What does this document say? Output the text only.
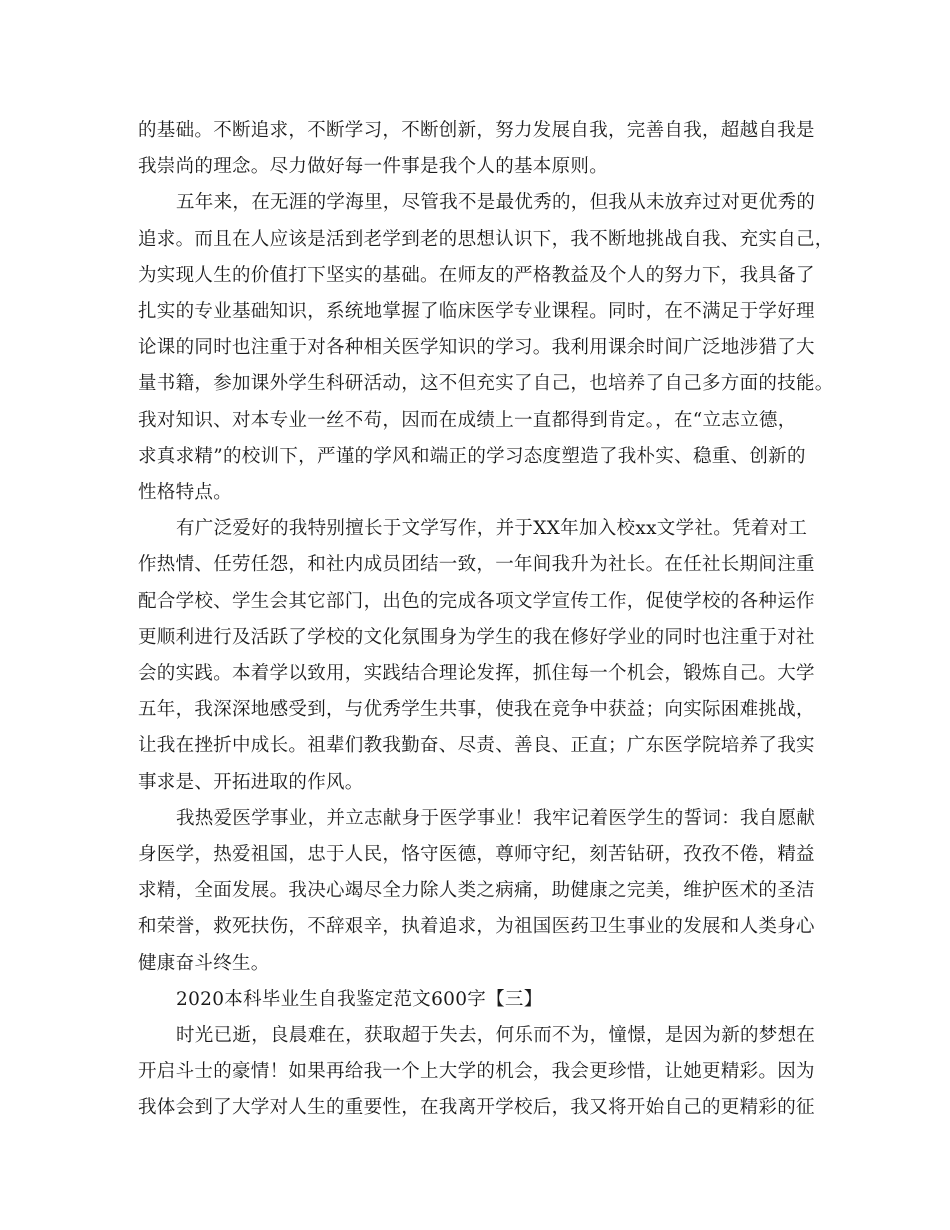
的基础。不断追求，不断学习，不断创新，努力发展自我，完善自我，超越自我是
我崇尚的理念。尽力做好每一件事是我个人的基本原则。
五年来，在无涯的学海里，尽管我不是最优秀的，但我从未放弃过对更优秀的
追求。而且在人应该是活到老学到老的思想认识下，我不断地挑战自我、充实自己，
为实现人生的价值打下坚实的基础。在师友的严格教益及个人的努力下，我具备了
扎实的专业基础知识，系统地掌握了临床医学专业课程。同时，在不满足于学好理
论课的同时也注重于对各种相关医学知识的学习。我利用课余时间广泛地涉猎了大
量书籍，参加课外学生科研活动，这不但充实了自己，也培养了自己多方面的技能。
我对知识、对本专业一丝不苟，因而在成绩上一直都得到肯定。，在“立志立德，
求真求精”的校训下，严谨的学风和端正的学习态度塑造了我朴实、稳重、创新的
性格特点。
有广泛爱好的我特别擅长于文学写作，并于XX年加入校xx文学社。凭着对工
作热情、任劳任怨，和社内成员团结一致，一年间我升为社长。在任社长期间注重
配合学校、学生会其它部门，出色的完成各项文学宣传工作，促使学校的各种运作
更顺利进行及活跃了学校的文化氛围身为学生的我在修好学业的同时也注重于对社
会的实践。本着学以致用，实践结合理论发挥，抓住每一个机会，锻炼自己。大学
五年，我深深地感受到，与优秀学生共事，使我在竞争中获益；向实际困难挑战，
让我在挫折中成长。祖辈们教我勤奋、尽责、善良、正直；广东医学院培养了我实
事求是、开拓进取的作风。
我热爱医学事业，并立志献身于医学事业！我牢记着医学生的誓词：我自愿献
身医学，热爱祖国，忠于人民，恪守医德，尊师守纪，刻苦钻研，孜孜不倦，精益
求精，全面发展。我决心竭尽全力除人类之病痛，助健康之完美，维护医术的圣洁
和荣誉，救死扶伤，不辞艰辛，执着追求，为祖国医药卫生事业的发展和人类身心
健康奋斗终生。
2020本科毕业生自我鉴定范文600字【三】
时光已逝，良晨难在，获取超于失去，何乐而不为，憧憬，是因为新的梦想在
开启斗士的豪情！如果再给我一个上大学的机会，我会更珍惜，让她更精彩。因为
我体会到了大学对人生的重要性，在我离开学校后，我又将开始自己的更精彩的征
